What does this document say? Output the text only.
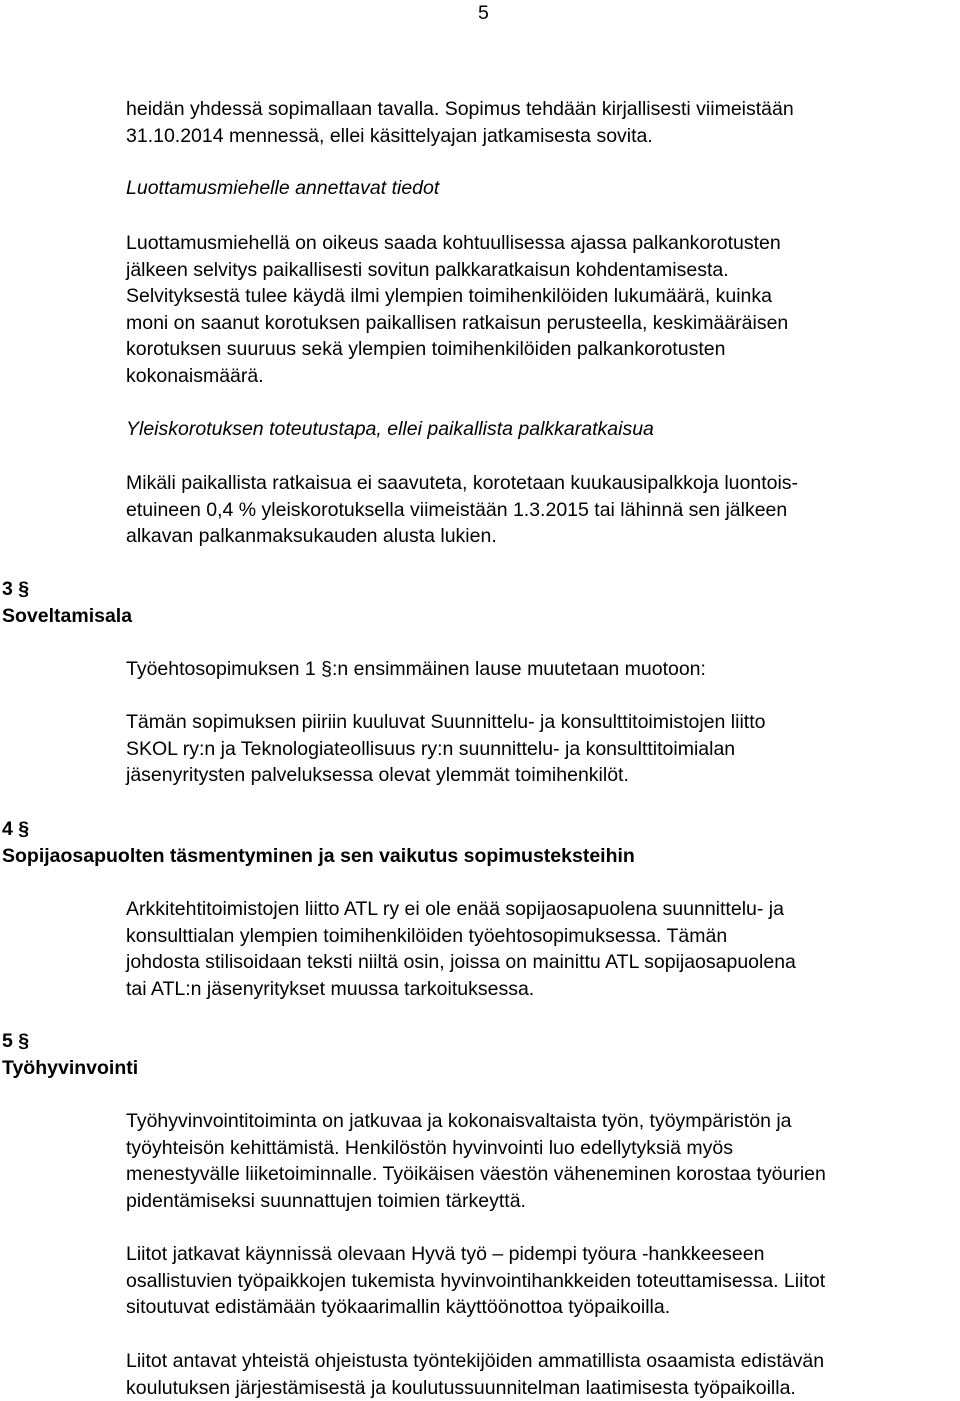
5

heidän yhdessä sopimallaan tavalla. Sopimus tehdään kirjallisesti viimeistään
31.10.2014 mennessä, ellei käsittelyajan jatkamisesta sovita.

Luottamusmiehelle annettavat tiedot

Luottamusmiehellä on oikeus saada kohtuullisessa ajassa palkankorotusten
jälkeen selvitys paikallisesti sovitun palkkaratkaisun kohdentamisesta.
Selvityksestä tulee käydä ilmi ylempien toimihenkilöiden lukumäärä, kuinka
moni on saanut korotuksen paikallisen ratkaisun perusteella, keskimääräisen
korotuksen suuruus sekä ylempien toimihenkilöiden palkankorotusten
kokonaismäärä.

Yleiskorotuksen toteutustapa, ellei paikallista palkkaratkaisua

Mikäli paikallista ratkaisua ei saavuteta, korotetaan kuukausipalkkoja luontois-
etuineen 0,4 % yleiskorotuksella viimeistään 1.3.2015 tai lähinnä sen jälkeen
alkavan palkanmaksukauden alusta lukien.

3 §
Soveltamisala

Työehtosopimuksen 1 §:n ensimmäinen lause muutetaan muotoon:

Tämän sopimuksen piiriin kuuluvat Suunnittelu- ja konsulttitoimistojen liitto
SKOL ry:n ja Teknologiateollisuus ry:n suunnittelu- ja konsulttitoimialan
jäsenyritysten palveluksessa olevat ylemmät toimihenkilöt.

4 §
Sopijaosapuolten täsmentyminen ja sen vaikutus sopimusteksteihin

Arkkitehtitoimistojen liitto ATL ry ei ole enää sopijaosapuolena suunnittelu- ja
konsulttialan ylempien toimihenkilöiden työehtosopimuksessa. Tämän
johdosta stilisoidaan teksti niiltä osin, joissa on mainittu ATL sopijaosapuolena
tai ATL:n jäsenyritykset muussa tarkoituksessa.

5 §
Työhyvinvointi

Työhyvinvointitoiminta on jatkuvaa ja kokonaisvaltaista työn, työympäristön ja
työyhteisön kehittämistä. Henkilöstön hyvinvointi luo edellytyksiä myös
menestyvälle liiketoiminnalle. Työikäisen väestön väheneminen korostaa työurien
pidentämiseksi suunnattujen toimien tärkeyttä.

Liitot jatkavat käynnissä olevaan Hyvä työ – pidempi työura -hankkeeseen
osallistuvien työpaikkojen tukemista hyvinvointihankkeiden toteuttamisessa. Liitot
sitoutuvat edistämään työkaarimallin käyttöönottoa työpaikoilla.

Liitot antavat yhteistä ohjeistusta työntekijöiden ammatillista osaamista edistävän
koulutuksen järjestämisestä ja koulutussuunnitelman laatimisesta työpaikoilla.
